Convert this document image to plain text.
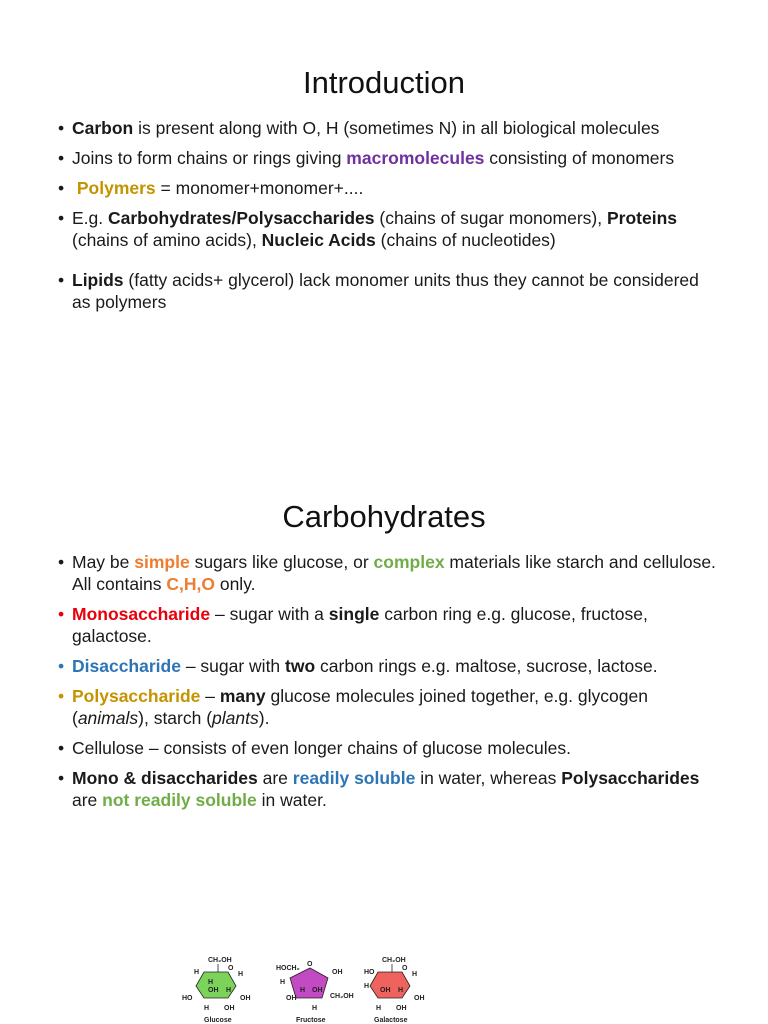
Introduction
• Carbon is present along with O, H (sometimes N) in all biological molecules
• Joins to form chains or rings giving macromolecules consisting of monomers
• Polymers = monomer+monomer+....
• E.g. Carbohydrates/Polysaccharides (chains of sugar monomers), Proteins (chains of amino acids), Nucleic Acids (chains of nucleotides)
• Lipids (fatty acids+ glycerol) lack monomer units thus they cannot be considered as polymers
Carbohydrates
• May be simple sugars like glucose, or complex materials like starch and cellulose. All contains C,H,O only.
• Monosaccharide – sugar with a single carbon ring e.g. glucose, fructose, galactose.
• Disaccharide – sugar with two carbon rings e.g. maltose, sucrose, lactose.
• Polysaccharide – many glucose molecules joined together, e.g. glycogen (animals), starch (plants).
• Cellulose – consists of even longer chains of glucose molecules.
• Mono & disaccharides are readily soluble in water, whereas Polysaccharides are not readily soluble in water.
CH₂OH
H
O
H
H
OH H
HO	OH
H OH
Glucose
HOCH₂
O
OH
H
H OH
CH₂OH
OH
H
Fructose
CH₂OH
HO
O
H
H
OH H
OH
H OH
Galactose
